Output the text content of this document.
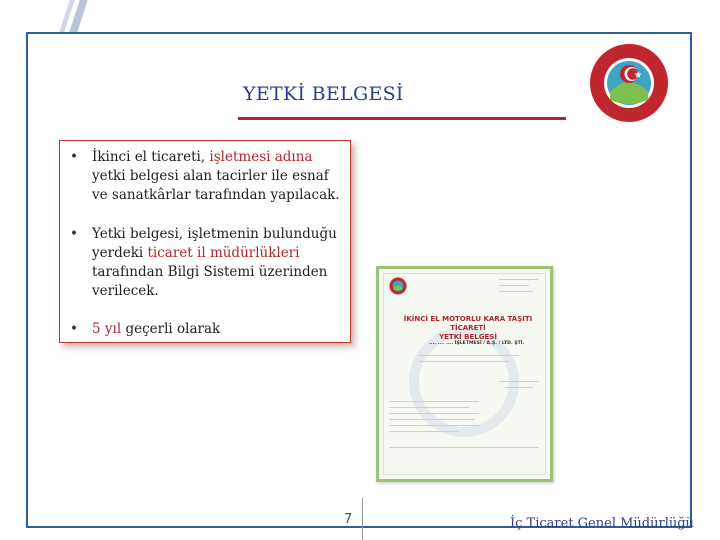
YETKİ BELGESİ
• İkinci el ticareti, işletmesi adına yetki belgesi alan tacirler ile esnaf ve sanatkârlar tarafından yapılacak.
• Yetki belgesi, işletmenin bulunduğu yerdeki ticaret il müdürlükleri tarafından Bilgi Sistemi üzerinden verilecek.
• 5 yıl geçerli olarak
İKİNCİ EL MOTORLU KARA TAŞITI TİCARETİ
YETKİ BELGESİ
.... .... .... İŞLETMESİ / A.Ş. / LTD. ŞTİ.
7	İç Ticaret Genel Müdürlüğü
